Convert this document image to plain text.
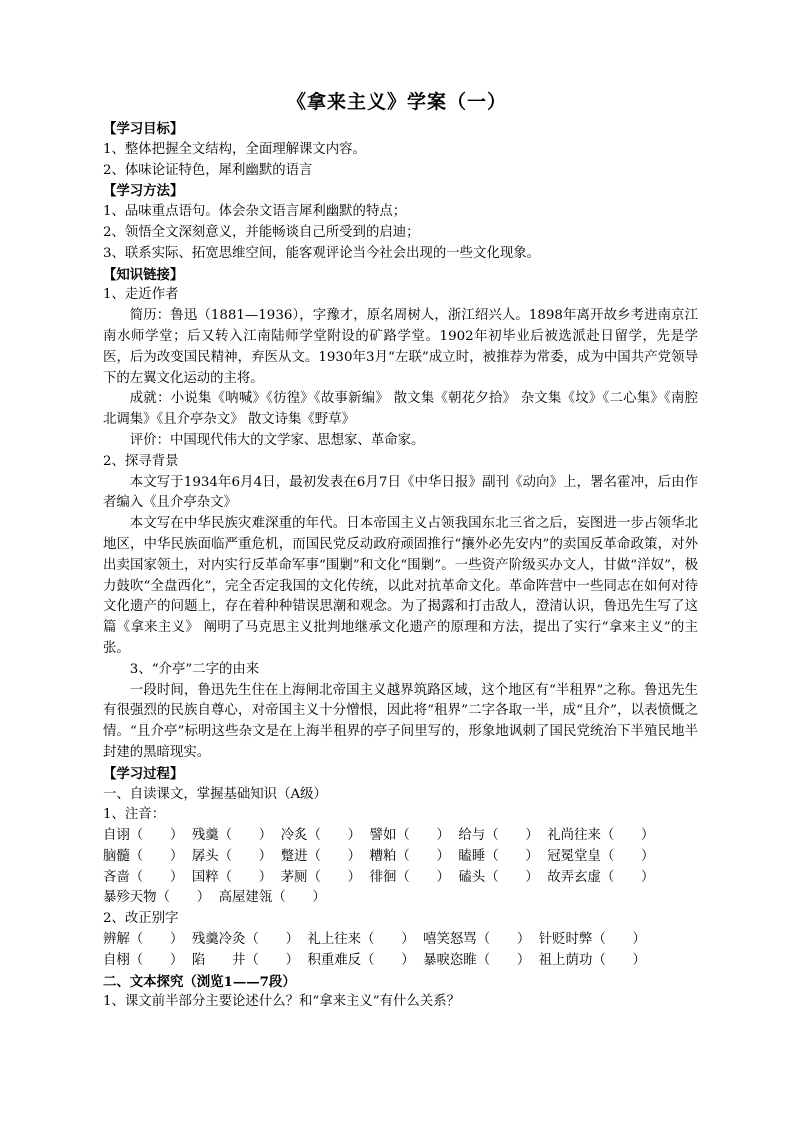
《拿来主义》学案（一）
【学习目标】
1、整体把握全文结构，全面理解课文内容。
2、体味论证特色，犀利幽默的语言
【学习方法】
1、品味重点语句。体会杂文语言犀利幽默的特点；
2、领悟全文深刻意义，并能畅谈自己所受到的启迪；
3、联系实际、拓宽思维空间，能客观评论当今社会出现的一些文化现象。
【知识链接】
1、走近作者
简历：鲁迅（1881—1936），字豫才，原名周树人，浙江绍兴人。1898年离开故乡考进南京江南水师学堂；后又转入江南陆师学堂附设的矿路学堂。1902年初毕业后被选派赴日留学，先是学医，后为改变国民精神，弃医从文。1930年3月“左联”成立时，被推荐为常委，成为中国共产党领导下的左翼文化运动的主将。
成就：小说集《呐喊》《彷徨》《故事新编》 散文集《朝花夕拾》 杂文集《坟》《二心集》《南腔北调集》《且介亭杂文》 散文诗集《野草》
评价：中国现代伟大的文学家、思想家、革命家。
2、探寻背景
本文写于1934年6月4日，最初发表在6月7日《中华日报》副刊《动向》上，署名霍冲，后由作者编入《且介亭杂文》
本文写在中华民族灾难深重的年代。日本帝国主义占领我国东北三省之后，妄图进一步占领华北地区，中华民族面临严重危机，而国民党反动政府顽固推行“攘外必先安内”的卖国反革命政策，对外出卖国家领土，对内实行反革命军事“围剿”和文化“围剿”。一些资产阶级买办文人，甘做“洋奴”，极力鼓吹“全盘西化”，完全否定我国的文化传统，以此对抗革命文化。革命阵营中一些同志在如何对待文化遗产的问题上，存在着种种错误思潮和观念。为了揭露和打击敌人，澄清认识，鲁迅先生写了这篇《拿来主义》 阐明了马克思主义批判地继承文化遗产的原理和方法，提出了实行“拿来主义”的主张。
3、“介亭”二字的由来
一段时间，鲁迅先生住在上海闸北帝国主义越界筑路区域，这个地区有“半租界”之称。鲁迅先生有很强烈的民族自尊心，对帝国主义十分憎恨，因此将“租界”二字各取一半，成“且介”，以表愤慨之情。“且介亭”标明这些杂文是在上海半租界的亭子间里写的，形象地讽刺了国民党统治下半殖民地半封建的黑暗现实。
【学习过程】
一、自读课文，掌握基础知识（A级）
1、注音：
自诩（　　）  残羹（　　）  冷炙（　　）  譬如（　　）  给与（　　）  礼尚往来（　　）
脑髓（　　）  孱头（　　）  蹩进（　　）  糟粕（　　）  瞌睡（　　）  冠冕堂皇（　　）
吝啬（　　）  国粹（　　）  茅厕（　　）  徘徊（　　）  磕头（　　）  故弄玄虚（　　）
暴殄天物（　　）  高屋建瓴（　　）
2、改正别字
辨解（　　）  残羹冷灸（　　）  礼上往来（　　）  嘻笑怒骂（　　）  针贬时弊（　　）
自栩（　　）  陷　　井（　　）  积重难反（　　）  暴唳恣睢（　　）  祖上荫功（　　）
二、文本探究（浏览1——7段）
1、课文前半部分主要论述什么？和“拿来主义”有什么关系？
